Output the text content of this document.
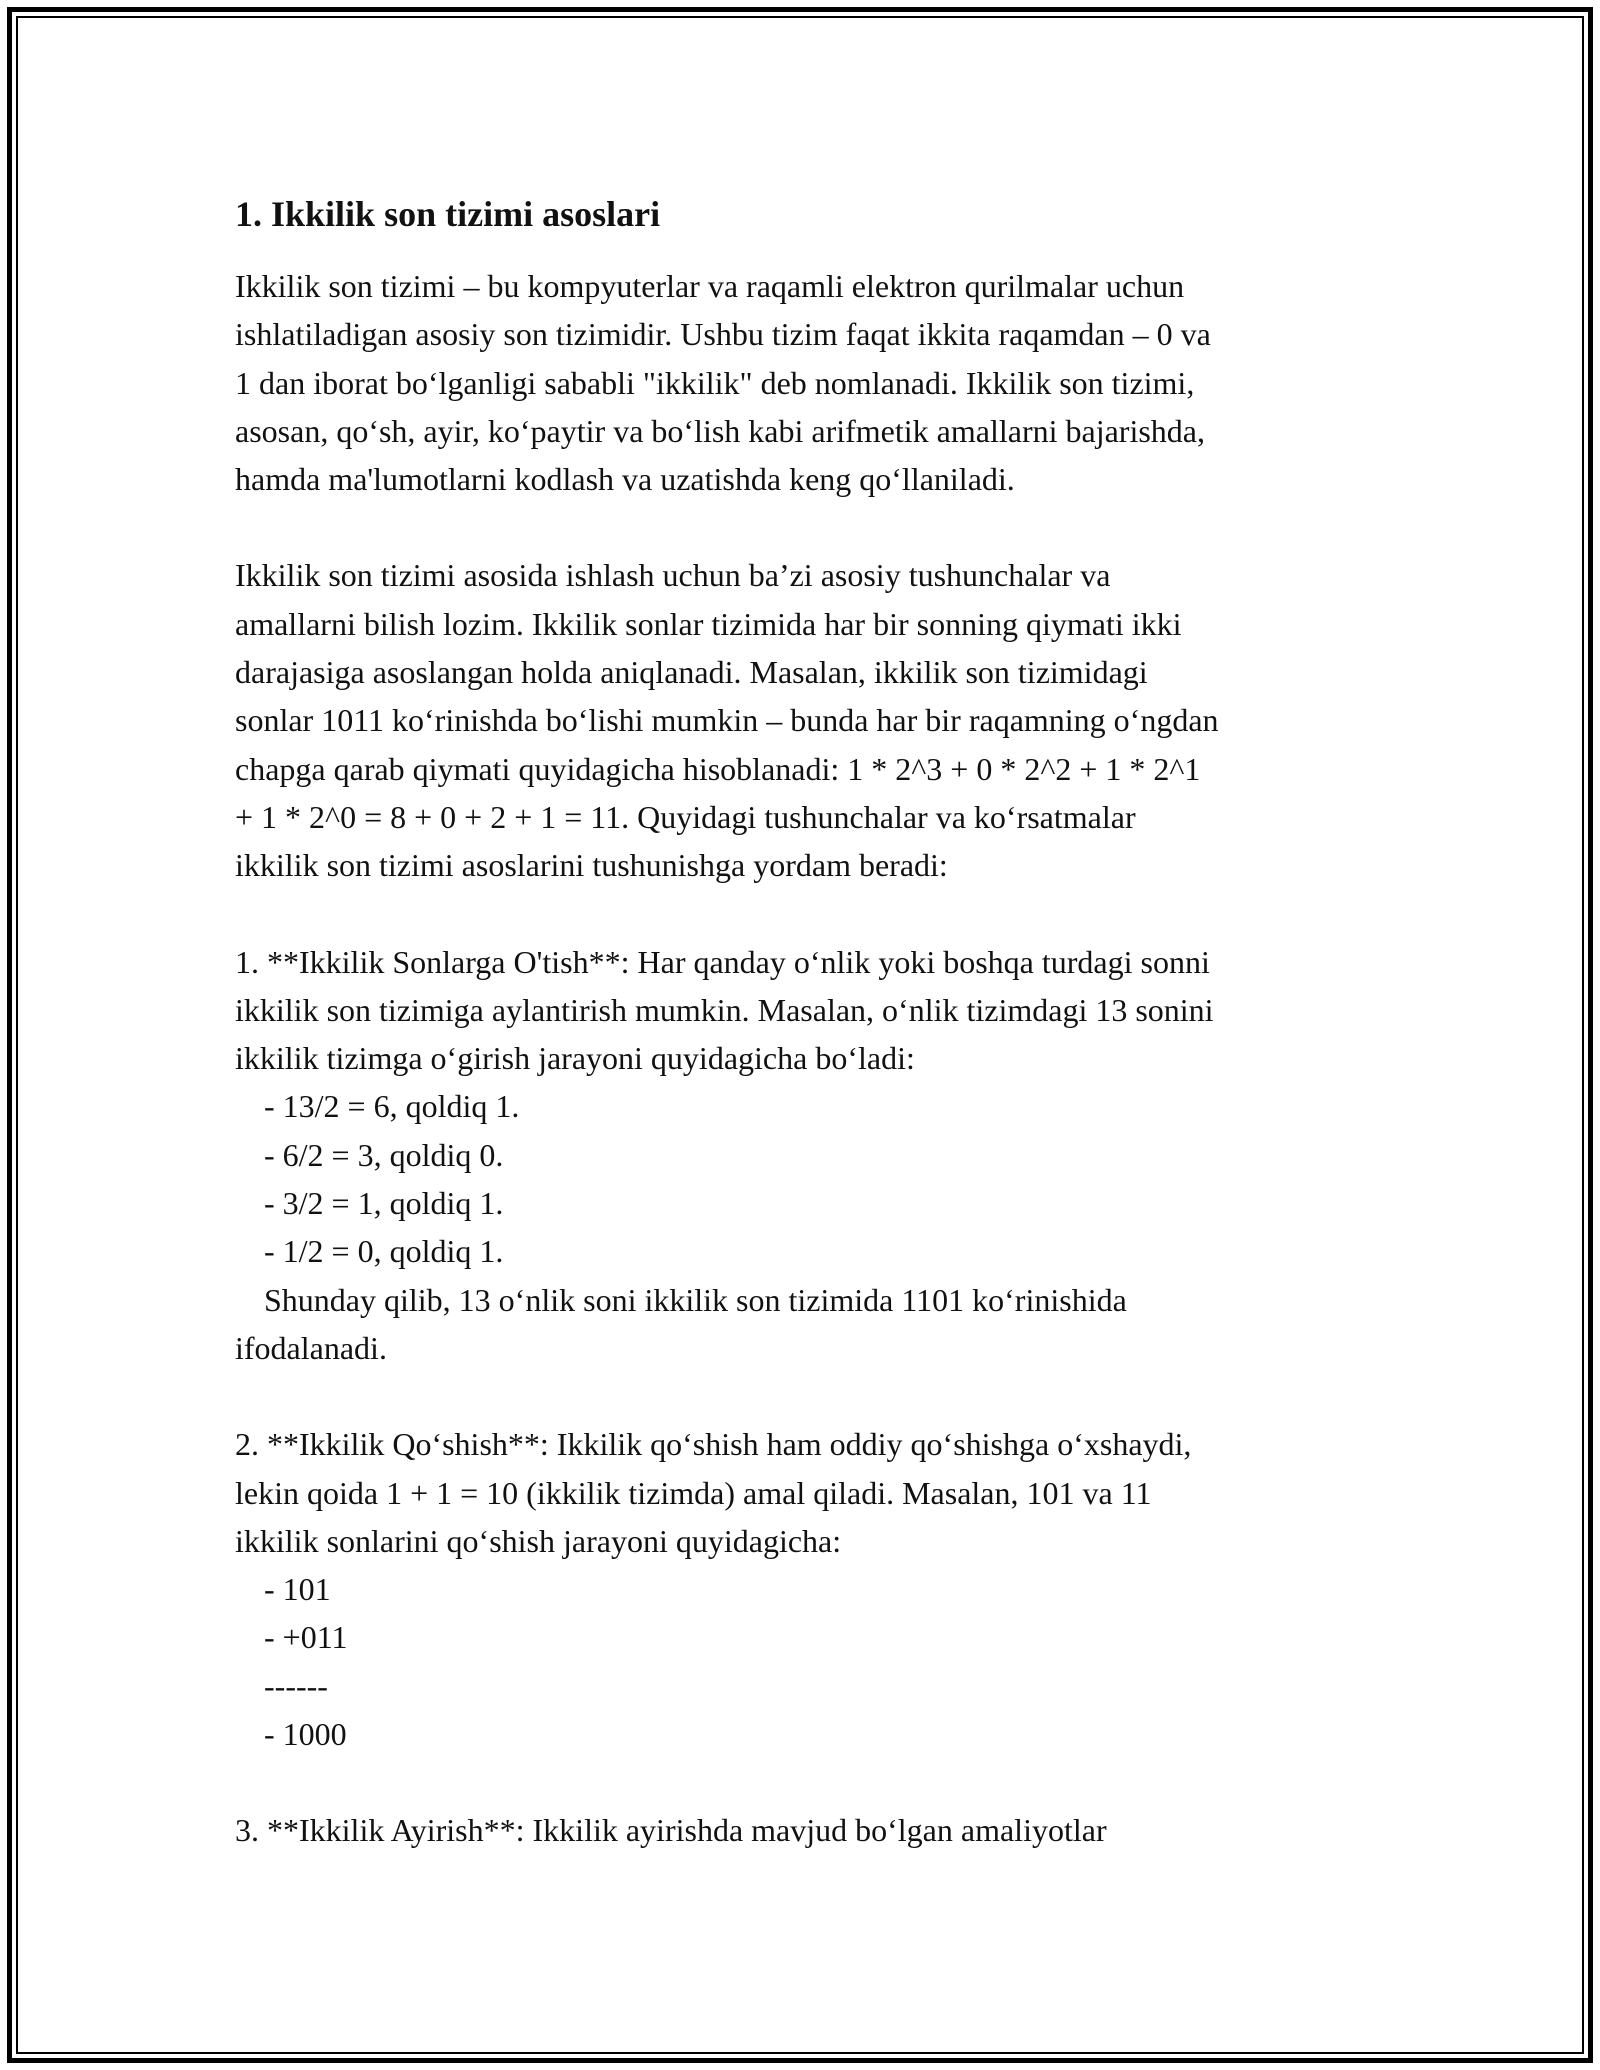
1. Ikkilik son tizimi asoslari
Ikkilik son tizimi – bu kompyuterlar va raqamli elektron qurilmalar uchun
ishlatiladigan asosiy son tizimidir. Ushbu tizim faqat ikkita raqamdan – 0 va
1 dan iborat boʻlganligi sababli "ikkilik" deb nomlanadi. Ikkilik son tizimi,
asosan, qoʻsh, ayir, koʻpaytir va boʻlish kabi arifmetik amallarni bajarishda,
hamda ma'lumotlarni kodlash va uzatishda keng qoʻllaniladi.
Ikkilik son tizimi asosida ishlash uchun baʼzi asosiy tushunchalar va
amallarni bilish lozim. Ikkilik sonlar tizimida har bir sonning qiymati ikki
darajasiga asoslangan holda aniqlanadi. Masalan, ikkilik son tizimidagi
sonlar 1011 koʻrinishda boʻlishi mumkin – bunda har bir raqamning oʻngdan
chapga qarab qiymati quyidagicha hisoblanadi: 1 * 2^3 + 0 * 2^2 + 1 * 2^1
+ 1 * 2^0 = 8 + 0 + 2 + 1 = 11. Quyidagi tushunchalar va koʻrsatmalar
ikkilik son tizimi asoslarini tushunishga yordam beradi:
1. **Ikkilik Sonlarga O'tish**: Har qanday oʻnlik yoki boshqa turdagi sonni
ikkilik son tizimiga aylantirish mumkin. Masalan, oʻnlik tizimdagi 13 sonini
ikkilik tizimga oʻgirish jarayoni quyidagicha boʻladi:
- 13/2 = 6, qoldiq 1.
- 6/2 = 3, qoldiq 0.
- 3/2 = 1, qoldiq 1.
- 1/2 = 0, qoldiq 1.
Shunday qilib, 13 oʻnlik soni ikkilik son tizimida 1101 koʻrinishida
ifodalanadi.
2. **Ikkilik Qoʻshish**: Ikkilik qoʻshish ham oddiy qoʻshishga oʻxshaydi,
lekin qoida 1 + 1 = 10 (ikkilik tizimda) amal qiladi. Masalan, 101 va 11
ikkilik sonlarini qoʻshish jarayoni quyidagicha:
- 101
- +011
------
- 1000
3. **Ikkilik Ayirish**: Ikkilik ayirishda mavjud boʻlgan amaliyotlar
